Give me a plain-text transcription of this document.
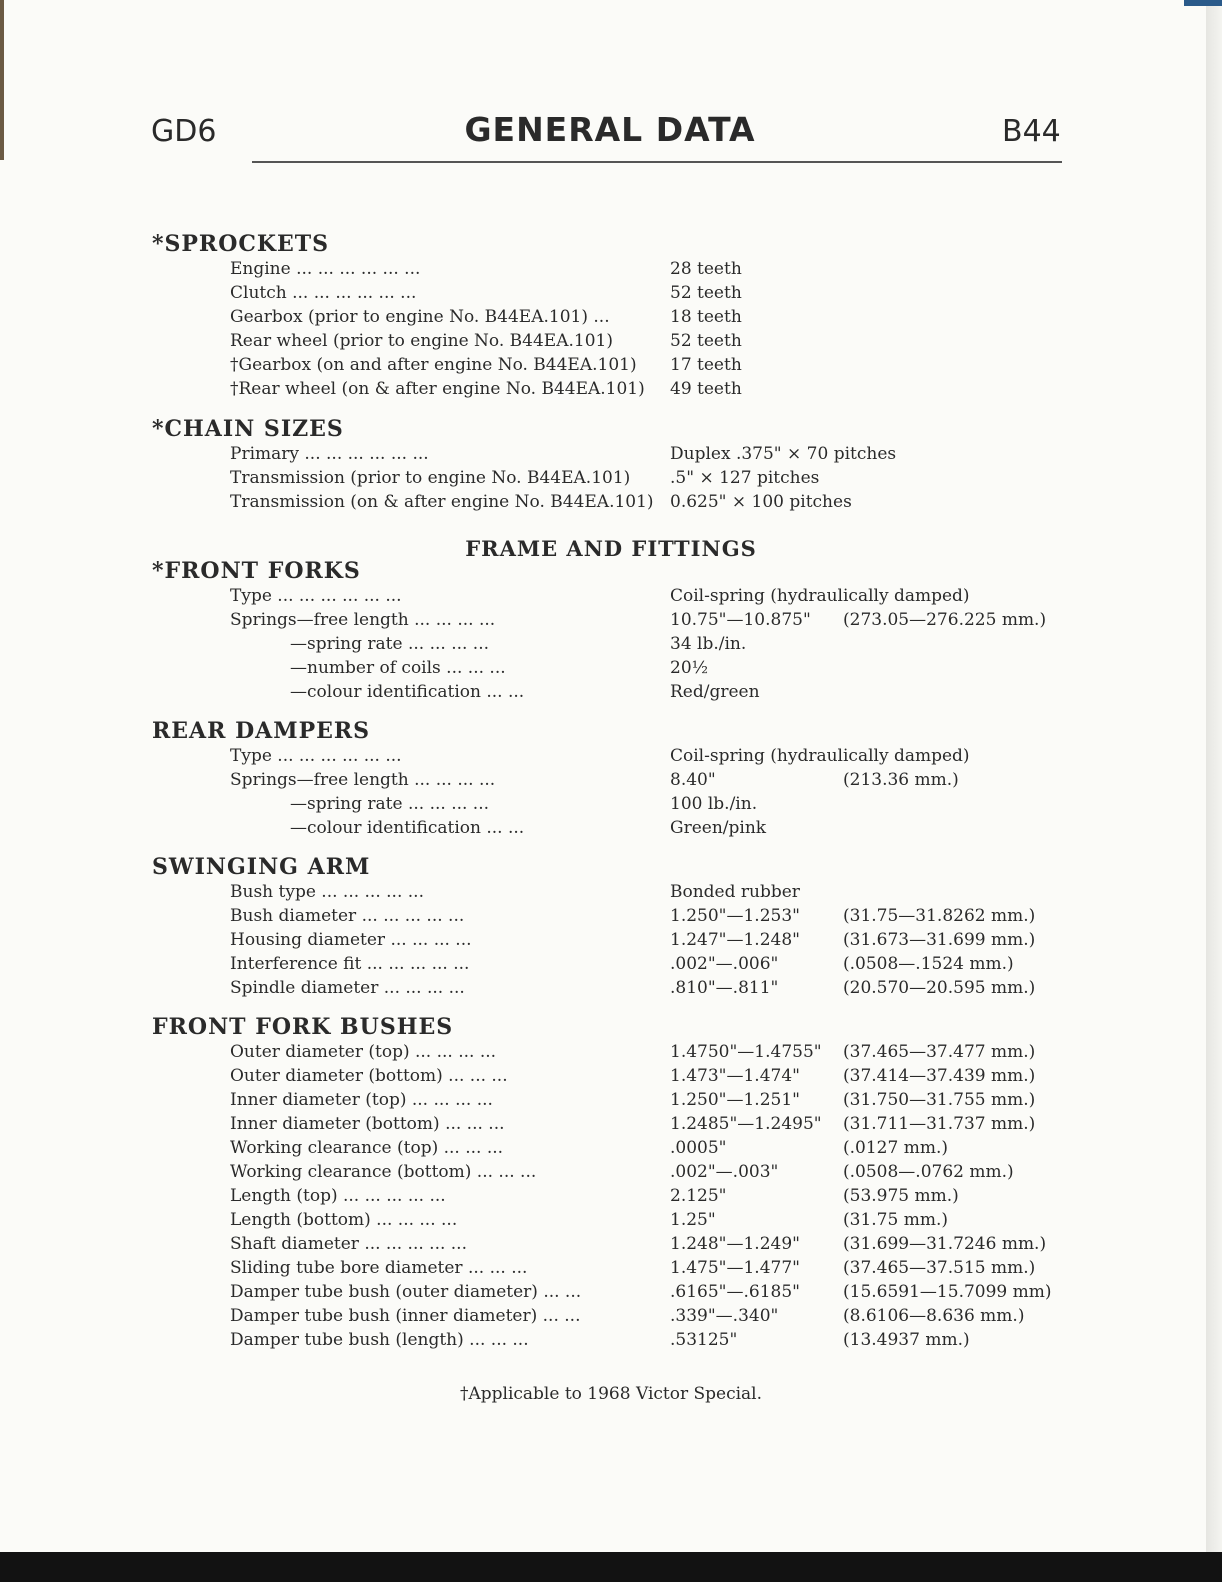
GD6	GENERAL DATA	B44
*SPROCKETS
Engine ... ... ... ... ... ...	28 teeth
Clutch ... ... ... ... ... ...	52 teeth
Gearbox (prior to engine No. B44EA.101) ...	18 teeth
Rear wheel (prior to engine No. B44EA.101)	52 teeth
†Gearbox (on and after engine No. B44EA.101) 17 teeth
†Rear wheel (on & after engine No. B44EA.101) 49 teeth
*CHAIN SIZES
Primary ... ... ... ... ... ...	Duplex .375" × 70 pitches
Transmission (prior to engine No. B44EA.101) .5" × 127 pitches
Transmission (on & after engine No. B44EA.101) 0.625" × 100 pitches
FRAME AND FITTINGS
*FRONT FORKS
Type ... ... ... ... ... ...	Coil-spring (hydraulically damped)
Springs—free length ... ... ... ...	10.75"—10.875" (273.05—276.225 mm.)
—spring rate ... ... ... ...	34 lb./in.
—number of coils ... ... ...	20½
—colour identification ... ...	Red/green
REAR DAMPERS
Type ... ... ... ... ... ...	Coil-spring (hydraulically damped)
Springs—free length ... ... ... ...	8.40"	(213.36 mm.)
—spring rate ... ... ... ...	100 lb./in.
—colour identification ... ...	Green/pink
SWINGING ARM
Bush type ... ... ... ... ...	Bonded rubber
Bush diameter ... ... ... ... ...	1.250"—1.253"	(31.75—31.8262 mm.)
Housing diameter ... ... ... ...	1.247"—1.248"	(31.673—31.699 mm.)
Interference fit ... ... ... ... ...	.002"—.006"	(.0508—.1524 mm.)
Spindle diameter ... ... ... ...	.810"—.811"	(20.570—20.595 mm.)
FRONT FORK BUSHES
Outer diameter (top) ... ... ... ...	1.4750"—1.4755" (37.465—37.477 mm.)
Outer diameter (bottom) ... ... ...	1.473"—1.474"	(37.414—37.439 mm.)
Inner diameter (top) ... ... ... ...	1.250"—1.251"	(31.750—31.755 mm.)
Inner diameter (bottom) ... ... ...	1.2485"—1.2495" (31.711—31.737 mm.)
Working clearance (top) ... ... ...	.0005"	(.0127 mm.)
Working clearance (bottom) ... ... ...	.002"—.003"	(.0508—.0762 mm.)
Length (top) ... ... ... ... ...	2.125"	(53.975 mm.)
Length (bottom) ... ... ... ...	1.25"	(31.75 mm.)
Shaft diameter ... ... ... ... ...	1.248"—1.249"	(31.699—31.7246 mm.)
Sliding tube bore diameter ... ... ...	1.475"—1.477"	(37.465—37.515 mm.)
Damper tube bush (outer diameter) ... ...	.6165"—.6185"	(15.6591—15.7099 mm)
Damper tube bush (inner diameter) ... ...	.339"—.340"	(8.6106—8.636 mm.)
Damper tube bush (length) ... ... ...	.53125"	(13.4937 mm.)
†Applicable to 1968 Victor Special.
